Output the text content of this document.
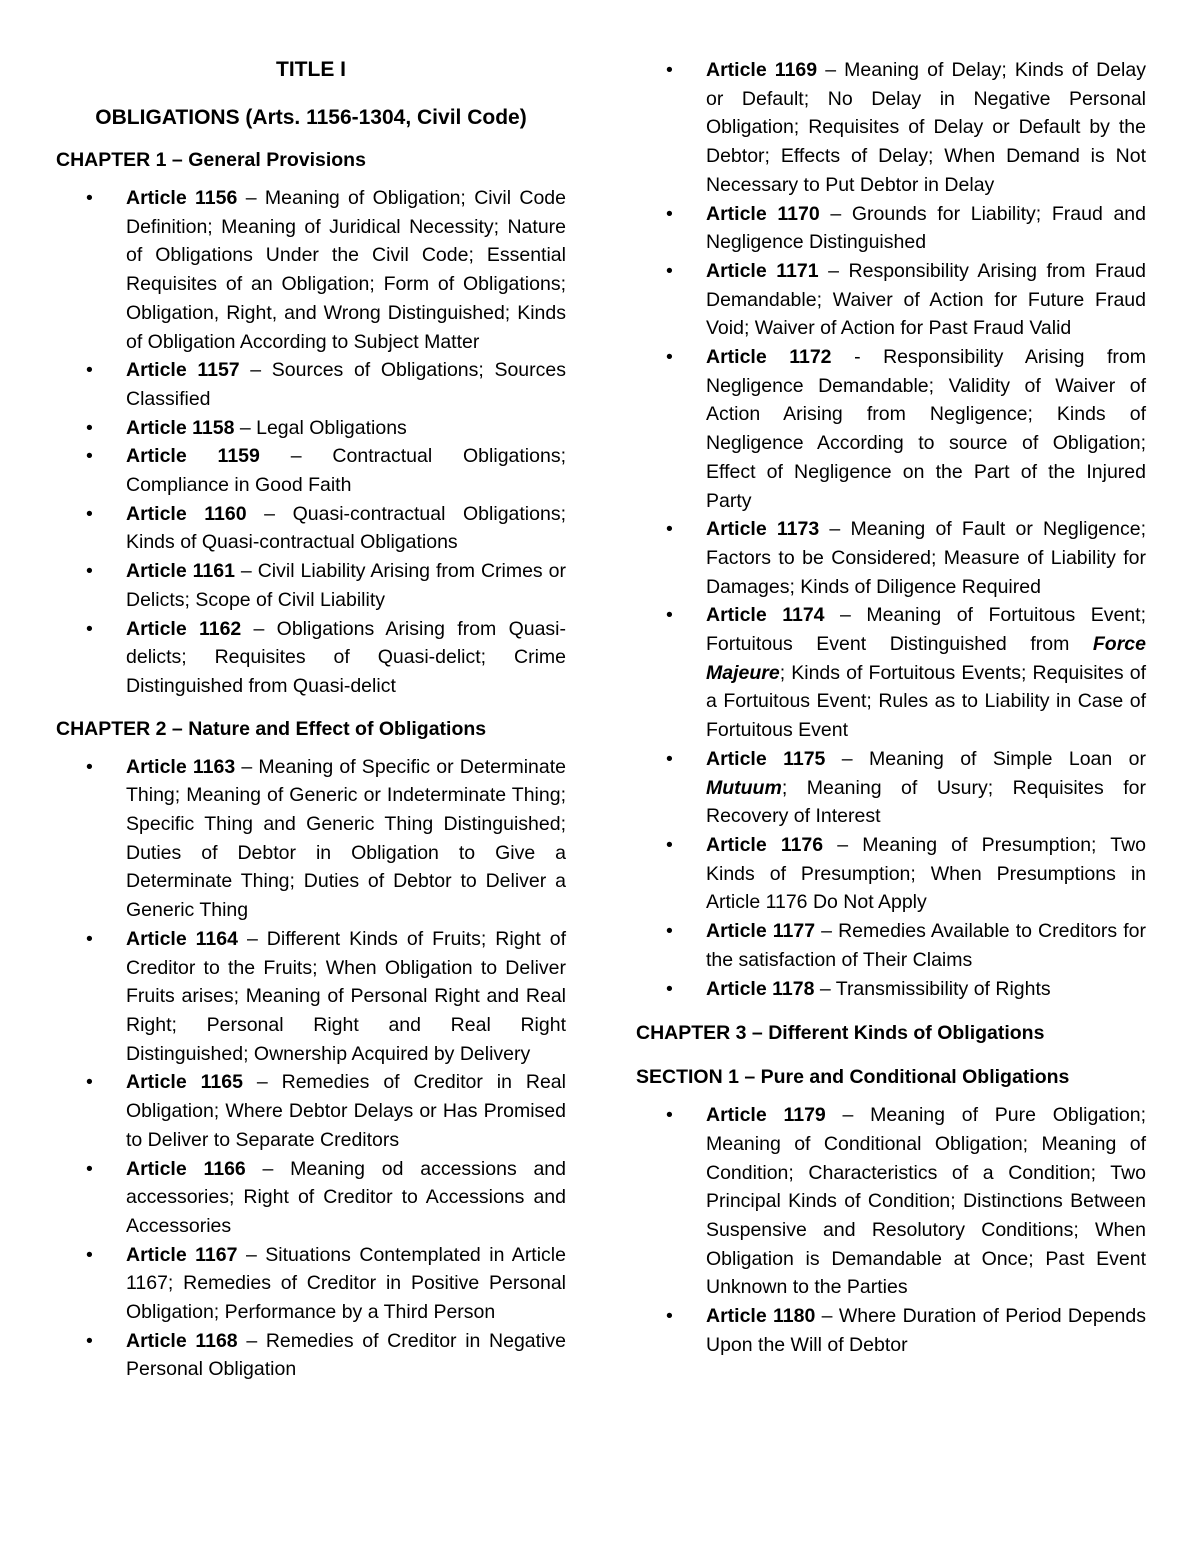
TITLE I

OBLIGATIONS (Arts. 1156-1304, Civil Code)

CHAPTER 1 – General Provisions

• Article 1156 – Meaning of Obligation; Civil Code Definition; Meaning of Juridical Necessity; Nature of Obligations Under the Civil Code; Essential Requisites of an Obligation; Form of Obligations; Obligation, Right, and Wrong Distinguished; Kinds of Obligation According to Subject Matter
• Article 1157 – Sources of Obligations; Sources Classified
• Article 1158 – Legal Obligations
• Article 1159 – Contractual Obligations; Compliance in Good Faith
• Article 1160 – Quasi-contractual Obligations; Kinds of Quasi-contractual Obligations
• Article 1161 – Civil Liability Arising from Crimes or Delicts; Scope of Civil Liability
• Article 1162 – Obligations Arising from Quasi-delicts; Requisites of Quasi-delict; Crime Distinguished from Quasi-delict

CHAPTER 2 – Nature and Effect of Obligations

• Article 1163 – Meaning of Specific or Determinate Thing; Meaning of Generic or Indeterminate Thing; Specific Thing and Generic Thing Distinguished; Duties of Debtor in Obligation to Give a Determinate Thing; Duties of Debtor to Deliver a Generic Thing
• Article 1164 – Different Kinds of Fruits; Right of Creditor to the Fruits; When Obligation to Deliver Fruits arises; Meaning of Personal Right and Real Right; Personal Right and Real Right Distinguished; Ownership Acquired by Delivery
• Article 1165 – Remedies of Creditor in Real Obligation; Where Debtor Delays or Has Promised to Deliver to Separate Creditors
• Article 1166 – Meaning od accessions and accessories; Right of Creditor to Accessions and Accessories
• Article 1167 – Situations Contemplated in Article 1167; Remedies of Creditor in Positive Personal Obligation; Performance by a Third Person
• Article 1168 – Remedies of Creditor in Negative Personal Obligation
• Article 1169 – Meaning of Delay; Kinds of Delay or Default; No Delay in Negative Personal Obligation; Requisites of Delay or Default by the Debtor; Effects of Delay; When Demand is Not Necessary to Put Debtor in Delay
• Article 1170 – Grounds for Liability; Fraud and Negligence Distinguished
• Article 1171 – Responsibility Arising from Fraud Demandable; Waiver of Action for Future Fraud Void; Waiver of Action for Past Fraud Valid
• Article 1172 - Responsibility Arising from Negligence Demandable; Validity of Waiver of Action Arising from Negligence; Kinds of Negligence According to source of Obligation; Effect of Negligence on the Part of the Injured Party
• Article 1173 – Meaning of Fault or Negligence; Factors to be Considered; Measure of Liability for Damages; Kinds of Diligence Required
• Article 1174 – Meaning of Fortuitous Event; Fortuitous Event Distinguished from Force Majeure; Kinds of Fortuitous Events; Requisites of a Fortuitous Event; Rules as to Liability in Case of Fortuitous Event
• Article 1175 – Meaning of Simple Loan or Mutuum; Meaning of Usury; Requisites for Recovery of Interest
• Article 1176 – Meaning of Presumption; Two Kinds of Presumption; When Presumptions in Article 1176 Do Not Apply
• Article 1177 – Remedies Available to Creditors for the satisfaction of Their Claims
• Article 1178 – Transmissibility of Rights

CHAPTER 3 – Different Kinds of Obligations

SECTION 1 – Pure and Conditional Obligations

• Article 1179 – Meaning of Pure Obligation; Meaning of Conditional Obligation; Meaning of Condition; Characteristics of a Condition; Two Principal Kinds of Condition; Distinctions Between Suspensive and Resolutory Conditions; When Obligation is Demandable at Once; Past Event Unknown to the Parties
• Article 1180 – Where Duration of Period Depends Upon the Will of Debtor
